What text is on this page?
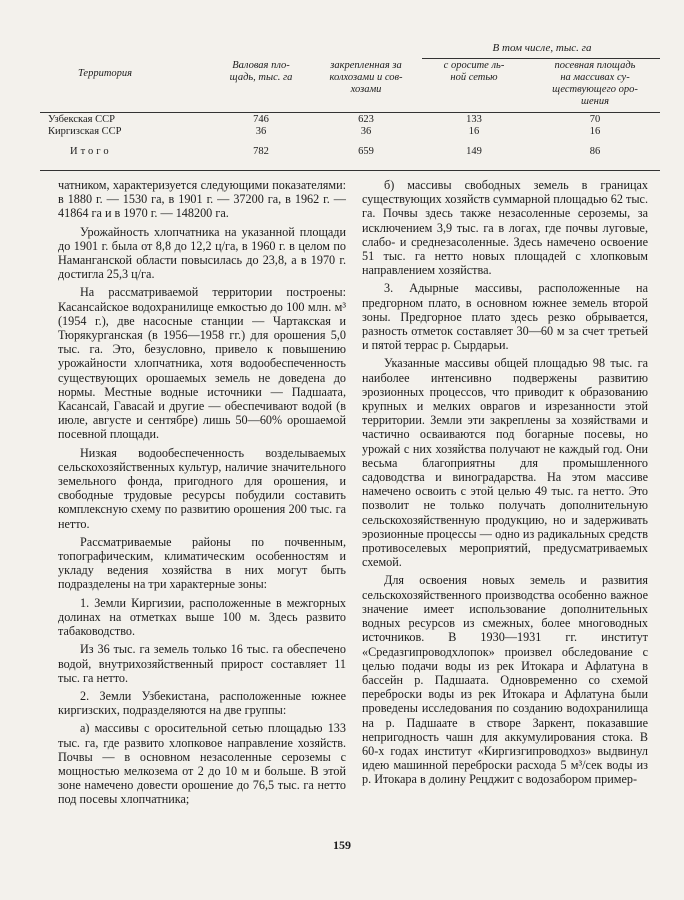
В том числе, тыс. га
Территория
Валовая пло-
щадь, тыс. га
закрепленная за
колхозами и сов-
хозами
с оросите ль-
ной сетью
посевная площадь
на массивах су-
ществующего оро-
шения
Узбекская ССР	746	623	133	70
Киргизская ССР	36	36	16	16
Итого	782	659	149	86

чатником, характеризуется следующими показателями: в 1880 г. — 1530 га, в 1901 г. — 37200 га, в 1962 г. — 41864 га и в 1970 г. — 148200 га.

Урожайность хлопчатника на указанной площади до 1901 г. была от 8,8 до 12,2 ц/га, в 1960 г. в целом по Наманганской области повысилась до 23,8, а в 1970 г. достигла 25,3 ц/га.

На рассматриваемой территории построены: Касансайское водохранилище емкостью до 100 млн. м³ (1954 г.), две насосные станции — Чартакская и Тюрякурганская (в 1956—1958 гг.) для орошения 5,0 тыс. га. Это, безусловно, привело к повышению урожайности хлопчатника, хотя водообеспеченность существующих орошаемых земель не доведена до нормы. Местные водные источники — Падшаата, Касансай, Гавасай и другие — обеспечивают водой (в июле, августе и сентябре) лишь 50—60% орошаемой посевной площади.

Низкая водообеспеченность возделываемых сельскохозяйственных культур, наличие значительного земельного фонда, пригодного для орошения, и свободные трудовые ресурсы побудили составить комплексную схему по развитию орошения 200 тыс. га нетто.

Рассматриваемые районы по почвенным, топографическим, климатическим особенностям и укладу ведения хозяйства в них могут быть подразделены на три характерные зоны:

1. Земли Киргизии, расположенные в межгорных долинах на отметках выше 100 м. Здесь развито табаководство.

Из 36 тыс. га земель только 16 тыс. га обеспечено водой, внутрихозяйственный прирост составляет 11 тыс. га нетто.

2. Земли Узбекистана, расположенные южнее киргизских, подразделяются на две группы:

а) массивы с оросительной сетью площадью 133 тыс. га, где развито хлопковое направление хозяйств. Почвы — в основном незасоленные сероземы с мощностью мелкозема от 2 до 10 м и больше. В этой зоне намечено довести орошение до 76,5 тыс. га нетто под посевы хлопчатника;

б) массивы свободных земель в границах существующих хозяйств суммарной площадью 62 тыс. га. Почвы здесь также незасоленные сероземы, за исключением 3,9 тыс. га в логах, где почвы луговые, слабо- и среднезасоленные. Здесь намечено освоение 51 тыс. га нетто новых площадей с хлопковым направлением хозяйства.

3. Адырные массивы, расположенные на предгорном плато, в основном южнее земель второй зоны. Предгорное плато здесь резко обрывается, разность отметок составляет 30—60 м за счет третьей и пятой террас р. Сырдарьи.

Указанные массивы общей площадью 98 тыс. га наиболее интенсивно подвержены развитию эрозионных процессов, что приводит к образованию крупных и мелких оврагов и изрезанности этой территории. Земли эти закреплены за хозяйствами и частично осваиваются под богарные посевы, но урожай с них хозяйства получают не каждый год. Они весьма благоприятны для промышленного садоводства и виноградарства. На этом массиве намечено освоить с этой целью 49 тыс. га нетто. Это позволит не только получать дополнительную сельскохозяйственную продукцию, но и задерживать эрозионные процессы — одно из радикальных средств противоселевых мероприятий, предусматриваемых схемой.

Для освоения новых земель и развития сельскохозяйственного производства особенно важное значение имеет использование дополнительных водных ресурсов из смежных, более многоводных источников. В 1930—1931 гг. институт «Средазгипроводхлопок» произвел обследование с целью подачи воды из рек Итокара и Афлатуна в бассейн р. Падшаата. Одновременно со схемой переброски воды из рек Итокара и Афлатуна были проведены исследования по созданию водохранилища на р. Падшаате в створе Заркент, показавшие непригодность чашн для аккумулирования стока. В 60-х годах институт «Киргизгипроводхоз» выдвинул идею машинной переброски расхода 5 м³/сек воды из р. Итокара в долину Рецджит с водозабором пример-

159
